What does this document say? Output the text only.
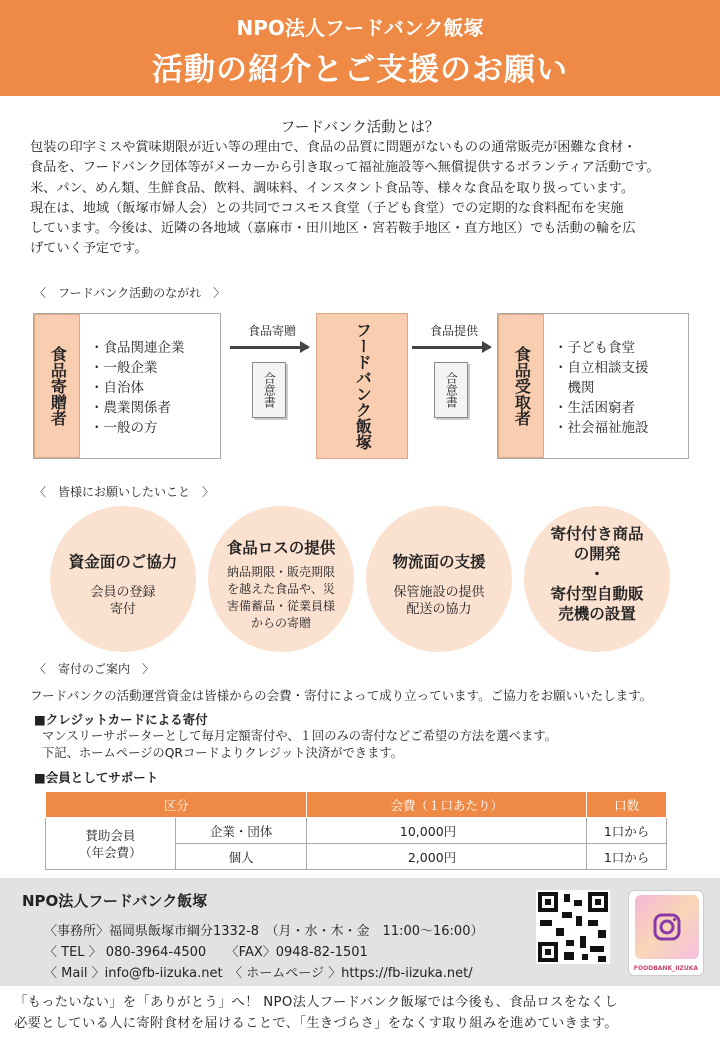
NPO法人フードバンク飯塚
活動の紹介とご支援のお願い
フードバンク活動とは？
包装の印字ミスや賞味期限が近い等の理由で、食品の品質に問題がないものの通常販売が困難な食材・
食品を、フードバンク団体等がメーカーから引き取って福祉施設等へ無償提供するボランティア活動です。
米、パン、めん類、生鮮食品、飲料、調味料、インスタント食品等、様々な食品を取り扱っています。
現在は、地域（飯塚市婦人会）との共同でコスモス食堂（子ども食堂）での定期的な食料配布を実施
しています。今後は、近隣の各地域（嘉麻市・田川地区・宮若鞍手地区・直方地区）でも活動の輪を広
げていく予定です。
〈　フードバンク活動のながれ　〉
食品寄贈者	・食品関連企業
・一般企業
・自治体
・農業関係者
・一般の方
食品寄贈
合意書	フードバンク飯塚	食品提供
合意書	食品受取者	・子ども食堂
・自立相談支援
　機関
・生活困窮者
・社会福祉施設
〈　皆様にお願いしたいこと　〉
資金面のご協力
会員の登録
寄付
食品ロスの提供
納品期限・販売期限
を越えた食品や、災
害備蓄品・従業員様
からの寄贈
物流面の支援
保管施設の提供
配送の協力
寄付付き商品
の開発
・
寄付型自動販
売機の設置
〈　寄付のご案内　〉
フードバンクの活動運営資金は皆様からの会費・寄付によって成り立っています。ご協力をお願いいたします。
■クレジットカードによる寄付
マンスリーサポーターとして毎月定額寄付や、１回のみの寄付などご希望の方法を選べます。
下記、ホームページのQRコードよりクレジット決済ができます。
■会員としてサポート
区分		会費（１口あたり）	口数

賛助会員
（年会費）	企業・団体	10,000円	1口から
	個人	2,000円	1口から
NPO法人フードバンク飯塚
〈事務所〉福岡県飯塚市綱分1332-8　（月・水・木・金　11:00～16:00）
〈 TEL 〉 080-3964-4500　　〈FAX〉0948-82-1501
〈 Mail 〉info@fb-iizuka.net　〈 ホームページ 〉https://fb-iizuka.net/	FOODBANK_IIZUKA
「もったいない」を「ありがとう」へ！ NPO法人フードバンク飯塚では今後も、食品ロスをなくし
必要としている人に寄附食材を届けることで、「生きづらさ」をなくす取り組みを進めていきます。
